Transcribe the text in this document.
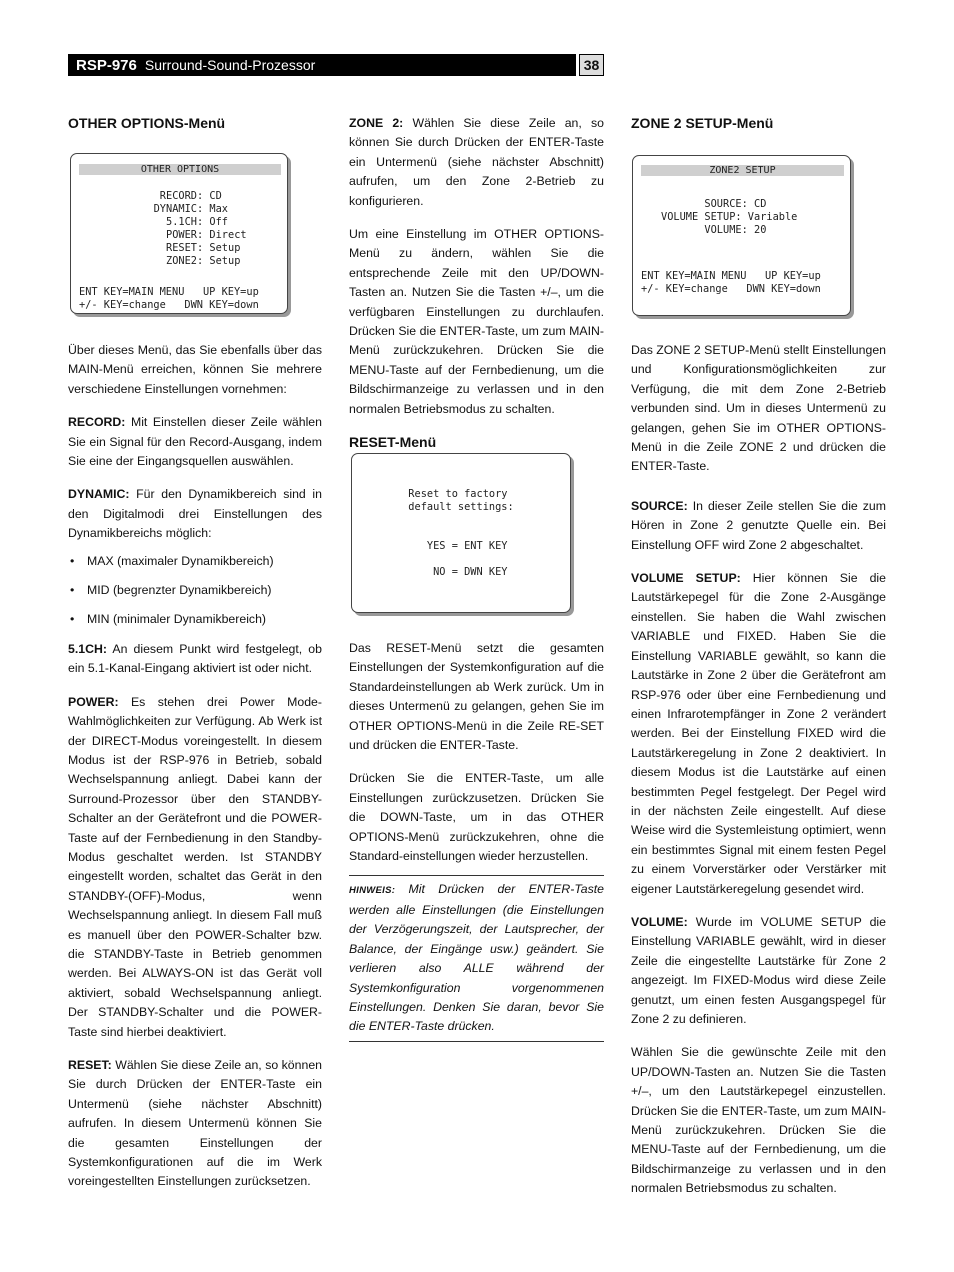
RSP-976 Surround-Sound-Prozessor	38
OTHER OPTIONS-Menü
OTHER OPTIONS
RECORD: CD
DYNAMIC: Max
5.1CH: Off
POWER: Direct
RESET: Setup
ZONE2: Setup
ENT KEY=MAIN MENU   UP KEY=up
+/- KEY=change   DWN KEY=down

Über dieses Menü, das Sie ebenfalls über das MAIN-Menü erreichen, können Sie mehrere verschiedene Einstellungen vornehmen:

RECORD: Mit Einstellen dieser Zeile wählen Sie ein Signal für den Record-Ausgang, indem Sie eine der Eingangsquellen auswählen.

DYNAMIC: Für den Dynamikbereich sind in den Digitalmodi drei Einstellungen des Dynamikbereichs möglich:

• MAX (maximaler Dynamikbereich)
• MID (begrenzter Dynamikbereich)
• MIN (minimaler Dynamikbereich)

5.1CH: An diesem Punkt wird festgelegt, ob ein 5.1-Kanal-Eingang aktiviert ist oder nicht.

POWER: Es stehen drei Power Mode-Wahlmöglichkeiten zur Verfügung. Ab Werk ist der DIRECT-Modus voreingestellt. In diesem Modus ist der RSP-976 in Betrieb, sobald Wechselspannung anliegt. Dabei kann der Surround-Prozessor über den STANDBY-Schalter an der Gerätefront und die POWER-Taste auf der Fernbedienung in den Standby-Modus geschaltet werden. Ist STANDBY eingestellt worden, schaltet das Gerät in den STANDBY-(OFF)-Modus, wenn Wechselspannung anliegt. In diesem Fall muß es manuell über den POWER-Schalter bzw. die STANDBY-Taste in Betrieb genommen werden. Bei ALWAYS-ON ist das Gerät voll aktiviert, sobald Wechselspannung anliegt. Der STANDBY-Schalter und die POWER-Taste sind hierbei deaktiviert.

RESET: Wählen Sie diese Zeile an, so können Sie durch Drücken der ENTER-Taste ein Untermenü (siehe nächster Abschnitt) aufrufen. In diesem Untermenü können Sie die gesamten Einstellungen der Systemkonfigurationen auf die im Werk voreingestellten Einstellungen zurücksetzen.

ZONE 2: Wählen Sie diese Zeile an, so können Sie durch Drücken der ENTER-Taste ein Untermenü (siehe nächster Abschnitt) aufrufen, um den Zone 2-Betrieb zu konfigurieren.

Um eine Einstellung im OTHER OPTIONS-Menü zu ändern, wählen Sie die entsprechende Zeile mit den UP/DOWN-Tasten an. Nutzen Sie die Tasten +/–, um die verfügbaren Einstellungen zu durchlaufen. Drücken Sie die ENTER-Taste, um zum MAIN-Menü zurückzukehren. Drücken Sie die MENU-Taste auf der Fernbedienung, um die Bildschirmanzeige zu verlassen und in den normalen Betriebsmodus zu schalten.

RESET-Menü
Reset to factory
default settings:

YES = ENT KEY

NO = DWN KEY

Das RESET-Menü setzt die gesamten Einstellungen der Systemkonfiguration auf die Standardeinstellungen ab Werk zurück. Um in dieses Untermenü zu gelangen, gehen Sie im OTHER OPTIONS-Menü in die Zeile RE-SET und drücken die ENTER-Taste.

Drücken Sie die ENTER-Taste, um alle Einstellungen zurückzusetzen. Drücken Sie die DOWN-Taste, um in das OTHER OPTIONS-Menü zurückzukehren, ohne die Standard-einstellungen wieder herzustellen.

HINWEIS: Mit Drücken der ENTER-Taste werden alle Einstellungen (die Einstellungen der Verzögerungszeit, der Lautsprecher, der Balance, der Eingänge usw.) geändert. Sie verlieren also ALLE während der Systemkonfiguration vorgenommenen Einstellungen. Denken Sie daran, bevor Sie die ENTER-Taste drücken.
ZONE 2 SETUP-Menü
ZONE2 SETUP
SOURCE: CD
VOLUME SETUP: Variable
VOLUME: 20
ENT KEY=MAIN MENU   UP KEY=up
+/- KEY=change   DWN KEY=down

Das ZONE 2 SETUP-Menü stellt Einstellungen und Konfigurationsmöglichkeiten zur Verfügung, die mit dem Zone 2-Betrieb verbunden sind. Um in dieses Untermenü zu gelangen, gehen Sie im OTHER OPTIONS-Menü in die Zeile ZONE 2 und drücken die ENTER-Taste.

SOURCE: In dieser Zeile stellen Sie die zum Hören in Zone 2 genutzte Quelle ein. Bei Einstellung OFF wird Zone 2 abgeschaltet.

VOLUME SETUP: Hier können Sie die Lautstärkepegel für die Zone 2-Ausgänge einstellen. Sie haben die Wahl zwischen VARIABLE und FIXED. Haben Sie die Einstellung VARIABLE gewählt, so kann die Lautstärke in Zone 2 über die Gerätefront am RSP-976 oder über eine Fernbedienung und einen Infrarotempfänger in Zone 2 verändert werden. Bei der Einstellung FIXED wird die Lautstärkeregelung in Zone 2 deaktiviert. In diesem Modus ist die Lautstärke auf einen bestimmten Pegel festgelegt. Der Pegel wird in der nächsten Zeile eingestellt. Auf diese Weise wird die Systemleistung optimiert, wenn ein bestimmtes Signal mit einem festen Pegel zu einem Vorverstärker oder Verstärker mit eigener Lautstärkeregelung gesendet wird.

VOLUME: Wurde im VOLUME SETUP die Einstellung VARIABLE gewählt, wird in dieser Zeile die eingestellte Lautstärke für Zone 2 angezeigt. Im FIXED-Modus wird diese Zeile genutzt, um einen festen Ausgangspegel für Zone 2 zu definieren.

Wählen Sie die gewünschte Zeile mit den UP/DOWN-Tasten an. Nutzen Sie die Tasten +/–, um den Lautstärkepegel einzustellen. Drücken Sie die ENTER-Taste, um zum MAIN-Menü zurückzukehren. Drücken Sie die MENU-Taste auf der Fernbedienung, um die Bildschirmanzeige zu verlassen und in den normalen Betriebsmodus zu schalten.
